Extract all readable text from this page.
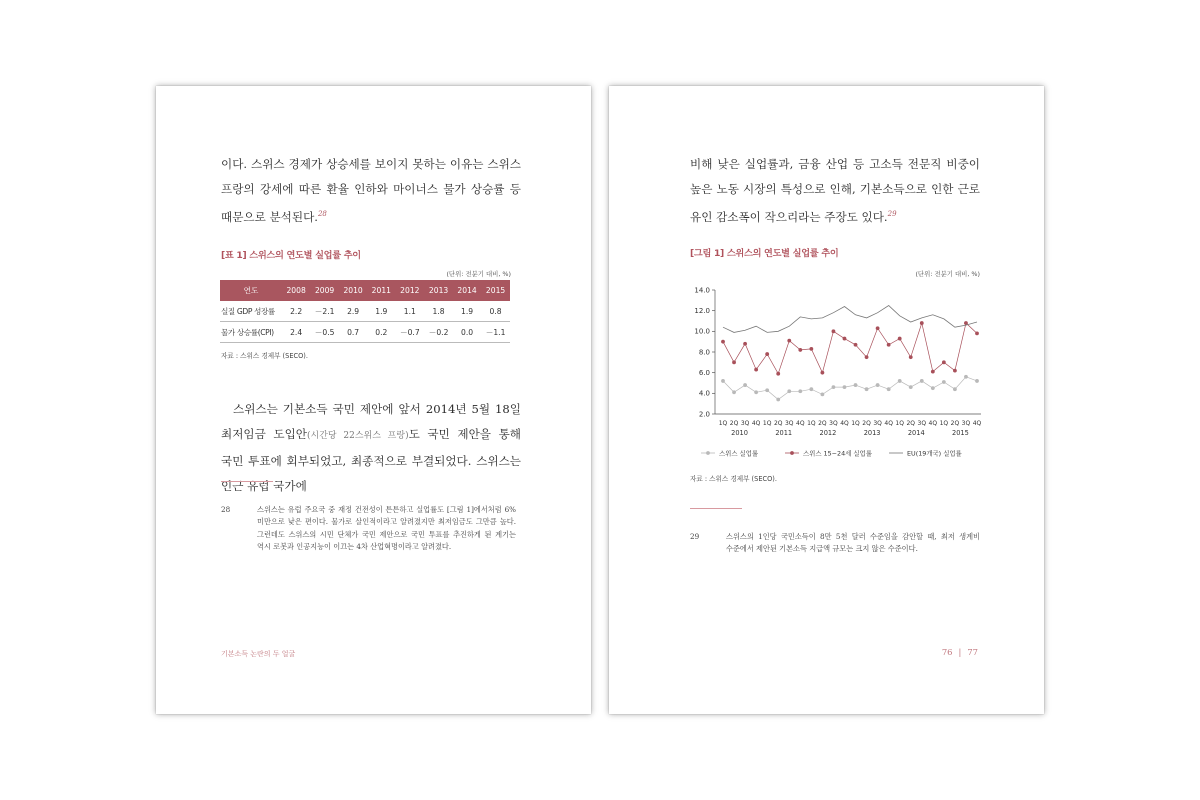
이다. 스위스 경제가 상승세를 보이지 못하는 이유는 스위스 프랑의 강세에 따른 환율 인하와 마이너스 물가 상승률 등 때문으로 분석된다.$^{28}$

[표 1] 스위스의 연도별 실업률 추이
(단위: 전분기 대비, %)
연도	2008	2009	2010	2011	2012	2013	2014	2015
실질 GDP 성장률	2.2	－2.1	2.9	1.9	1.1	1.8	1.9	0.8
물가 상승률(CPI)	2.4	－0.5	0.7	0.2	－0.7	－0.2	0.0	－1.1
자료 : 스위스 경제부 (SECO).

스위스는 기본소득 국민 제안에 앞서 2014년 5월 18일 최저임금 도입안(시간당 22스위스 프랑)도 국민 제안을 통해 국민 투표에 회부되었고, 최종적으로 부결되었다. 스위스는 인근 유럽 국가에

28	스위스는 유럽 주요국 중 재정 건전성이 튼튼하고 실업률도 [그림 1]에서처럼 6% 미만으로 낮은 편이다. 물가로 살인적이라고 알려졌지만 최저임금도 그만큼 높다. 그런데도 스위스의 시민 단체가 국민 제안으로 국민 투표를 추진하게 된 계기는 역시 로봇과 인공지능이 이끄는 4차 산업혁명이라고 알려졌다.
기본소득 논란의 두 얼굴

비해 낮은 실업률과, 금융 산업 등 고소득 전문직 비중이 높은 노동 시장의 특성으로 인해, 기본소득으로 인한 근로 유인 감소폭이 작으리라는 주장도 있다.$^{29}$

[그림 1] 스위스의 연도별 실업률 추이
(단위: 전분기 대비, %)
2.0
4.0
6.0
8.0
10.0
12.0
14.0
1Q 2Q 3Q 4Q 1Q 2Q 3Q 4Q 1Q 2Q 3Q 4Q 1Q 2Q 3Q 4Q 1Q 2Q 3Q 4Q 1Q 2Q 3Q 4Q
2010	2011	2012	2013	2014	2015
스위스 실업률	스위스 15~24세 실업률	EU(19개국) 실업률
자료 : 스위스 경제부 (SECO).
29	스위스의 1인당 국민소득이 8만 5천 달러 수준임을 감안할 때, 최저 생계비 수준에서 제안된 기본소득 지급액 규모는 크지 않은 수준이다.
76 | 77
